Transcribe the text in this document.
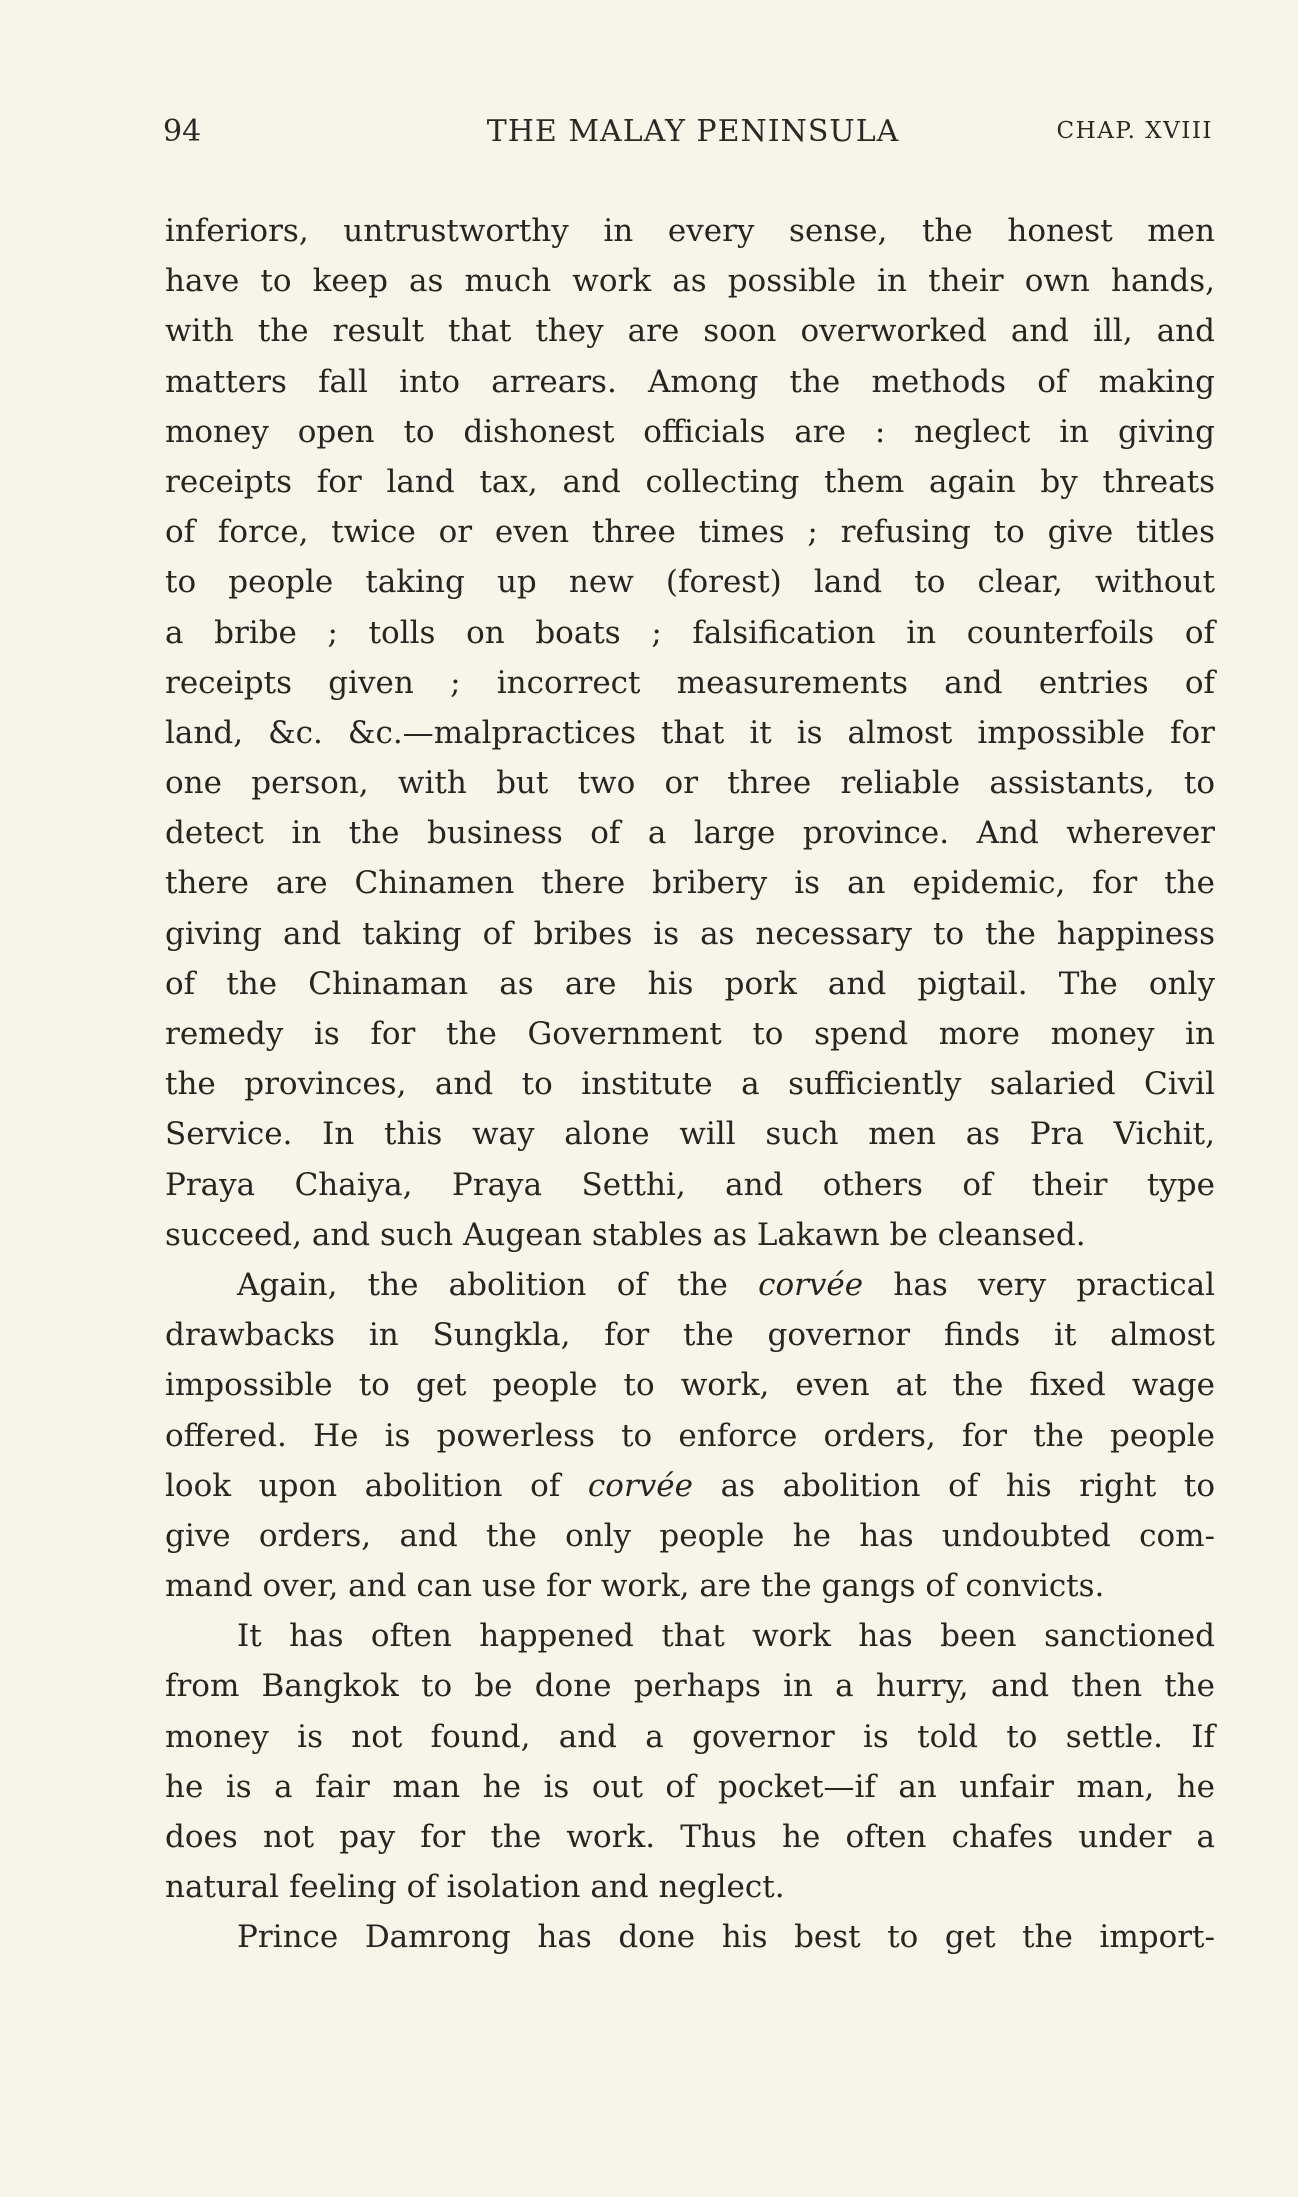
94	THE MALAY PENINSULA	CHAP. XVIII
inferiors, untrustworthy in every sense, the honest men
have to keep as much work as possible in their own hands,
with the result that they are soon overworked and ill, and
matters fall into arrears. Among the methods of making
money open to dishonest officials are : neglect in giving
receipts for land tax, and collecting them again by threats
of force, twice or even three times ; refusing to give titles
to people taking up new (forest) land to clear, without
a bribe ; tolls on boats ; falsification in counterfoils of
receipts given ; incorrect measurements and entries of
land, &c. &c.—malpractices that it is almost impossible for
one person, with but two or three reliable assistants, to
detect in the business of a large province. And wherever
there are Chinamen there bribery is an epidemic, for the
giving and taking of bribes is as necessary to the happiness
of the Chinaman as are his pork and pigtail. The only
remedy is for the Government to spend more money in
the provinces, and to institute a sufficiently salaried Civil
Service. In this way alone will such men as Pra Vichit,
Praya Chaiya, Praya Setthi, and others of their type
succeed, and such Augean stables as Lakawn be cleansed.
Again, the abolition of the corvée has very practical
drawbacks in Sungkla, for the governor finds it almost
impossible to get people to work, even at the fixed wage
offered. He is powerless to enforce orders, for the people
look upon abolition of corvée as abolition of his right to
give orders, and the only people he has undoubted com-
mand over, and can use for work, are the gangs of convicts.
It has often happened that work has been sanctioned
from Bangkok to be done perhaps in a hurry, and then the
money is not found, and a governor is told to settle. If
he is a fair man he is out of pocket—if an unfair man, he
does not pay for the work. Thus he often chafes under a
natural feeling of isolation and neglect.
Prince Damrong has done his best to get the import-
